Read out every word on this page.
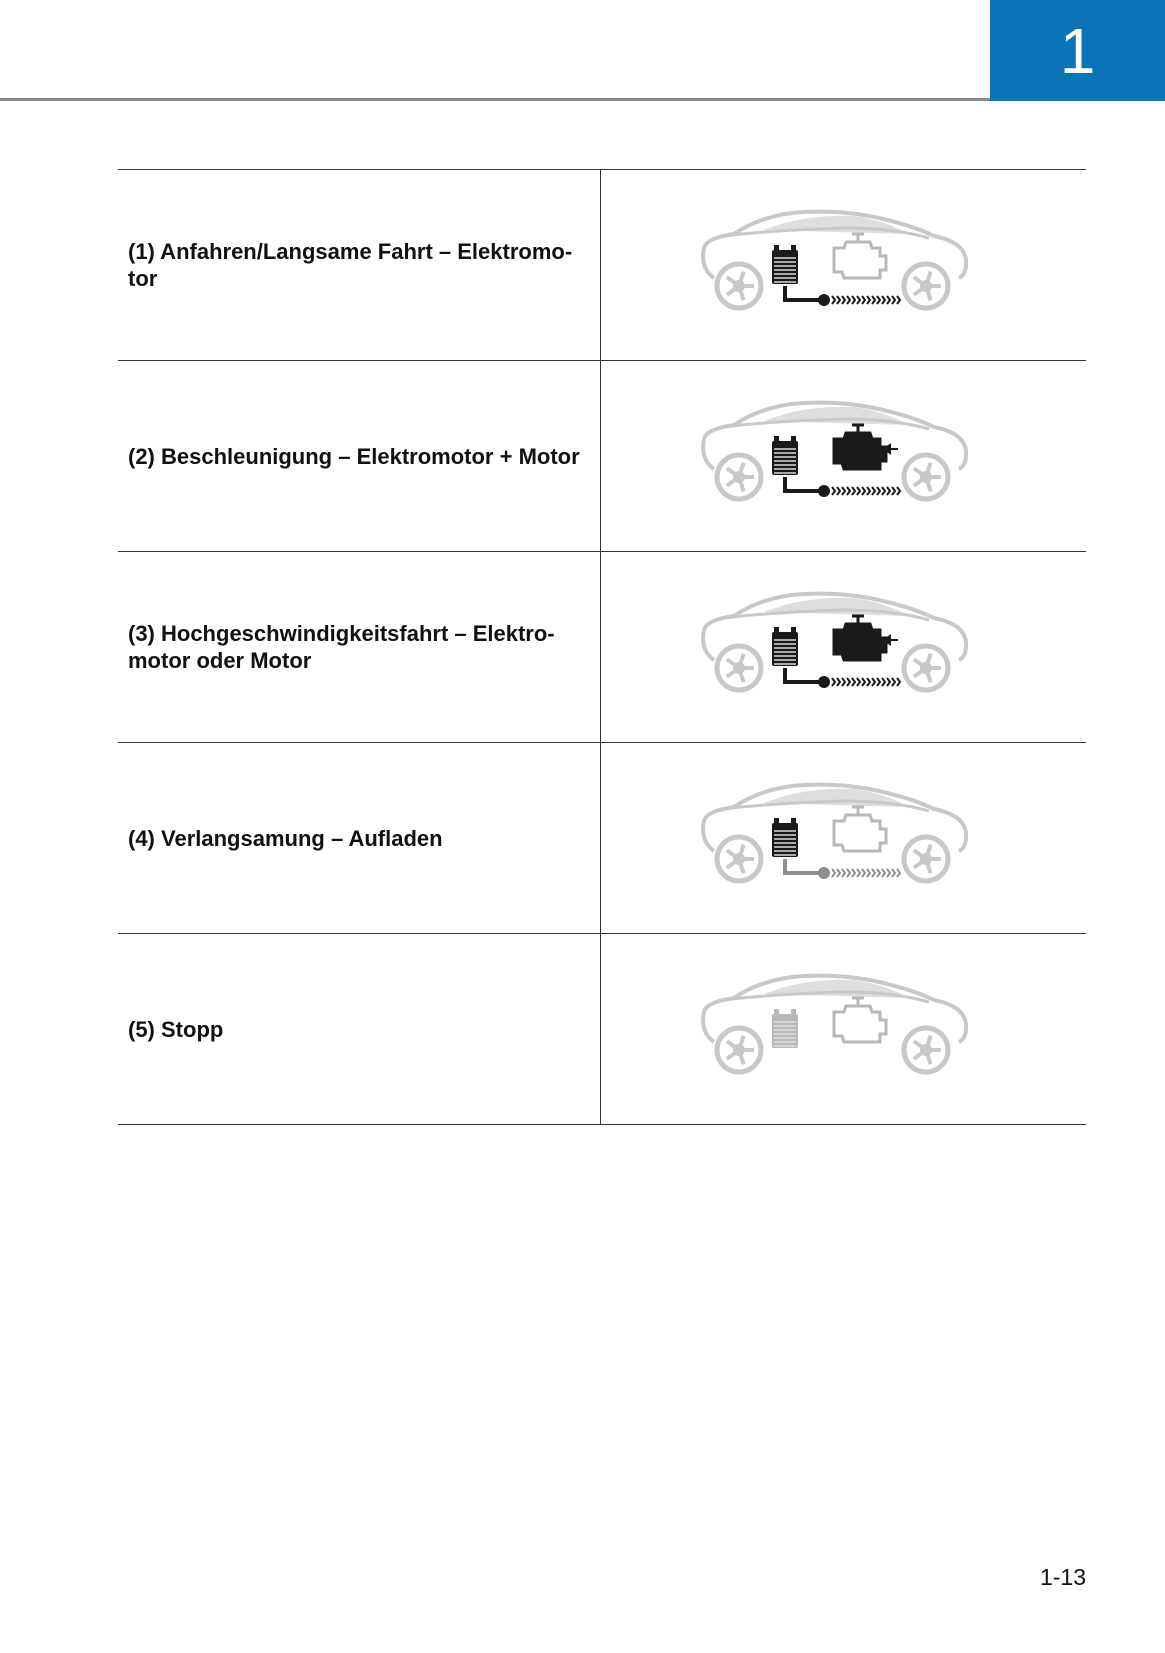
1

(1) Anfahren/Langsame Fahrt – Elektromo-
tor

(2) Beschleunigung – Elektromotor + Motor

(3) Hochgeschwindigkeitsfahrt – Elektro-
motor oder Motor

(4) Verlangsamung – Aufladen

(5) Stopp

1-13
